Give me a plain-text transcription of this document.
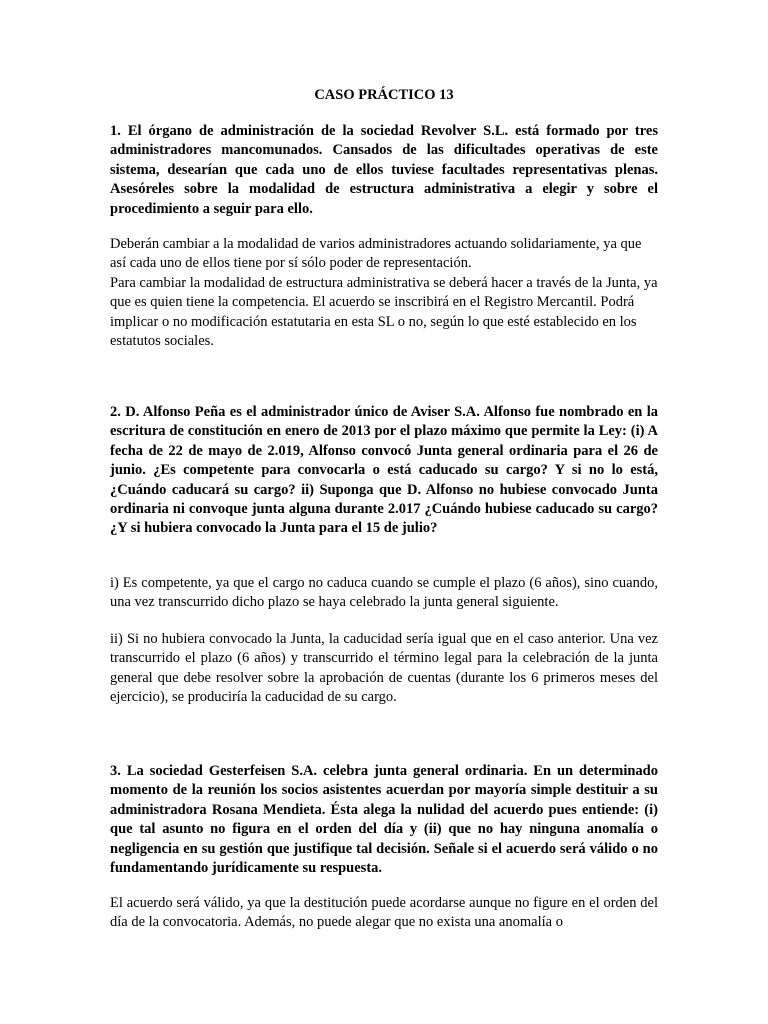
CASO PRÁCTICO 13

1. El órgano de administración de la sociedad Revolver S.L. está formado por tres administradores mancomunados. Cansados de las dificultades operativas de este sistema, desearían que cada uno de ellos tuviese facultades representativas plenas. Asesóreles sobre la modalidad de estructura administrativa a elegir y sobre el procedimiento a seguir para ello.

Deberán cambiar a la modalidad de varios administradores actuando solidariamente, ya que así cada uno de ellos tiene por sí sólo poder de representación.

Para cambiar la modalidad de estructura administrativa se deberá hacer a través de la Junta, ya que es quien tiene la competencia. El acuerdo se inscribirá en el Registro Mercantil. Podrá implicar o no modificación estatutaria en esta SL o no, según lo que esté establecido en los estatutos sociales.

2. D. Alfonso Peña es el administrador único de Aviser S.A. Alfonso fue nombrado en la escritura de constitución en enero de 2013 por el plazo máximo que permite la Ley: (i) A fecha de 22 de mayo de 2.019, Alfonso convocó Junta general ordinaria para el 26 de junio. ¿Es competente para convocarla o está caducado su cargo? Y si no lo está, ¿Cuándo caducará su cargo? ii) Suponga que D. Alfonso no hubiese convocado Junta ordinaria ni convoque junta alguna durante 2.017 ¿Cuándo hubiese caducado su cargo? ¿Y si hubiera convocado la Junta para el 15 de julio?

i) Es competente, ya que el cargo no caduca cuando se cumple el plazo (6 años), sino cuando, una vez transcurrido dicho plazo se haya celebrado la junta general siguiente.

ii) Si no hubiera convocado la Junta, la caducidad sería igual que en el caso anterior. Una vez transcurrido el plazo (6 años) y transcurrido el término legal para la celebración de la junta general que debe resolver sobre la aprobación de cuentas (durante los 6 primeros meses del ejercicio), se produciría la caducidad de su cargo.

3. La sociedad Gesterfeisen S.A. celebra junta general ordinaria. En un determinado momento de la reunión los socios asistentes acuerdan por mayoría simple destituir a su administradora Rosana Mendieta. Ésta alega la nulidad del acuerdo pues entiende: (i) que tal asunto no figura en el orden del día y (ii) que no hay ninguna anomalía o negligencia en su gestión que justifique tal decisión. Señale si el acuerdo será válido o no fundamentando jurídicamente su respuesta.

El acuerdo será válido, ya que la destitución puede acordarse aunque no figure en el orden del día de la convocatoria. Además, no puede alegar que no exista una anomalía o
